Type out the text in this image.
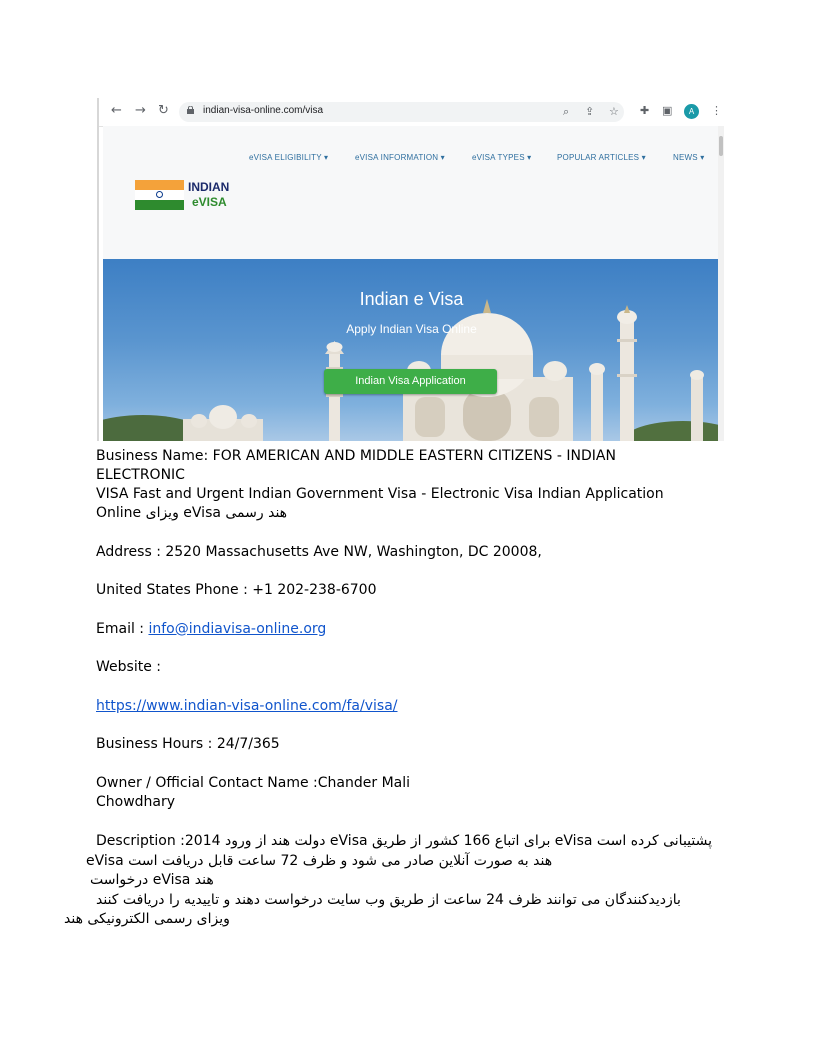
← → ↻	indian-visa-online.com/visa	⌕ ⇪ ☆ ✚ ▣	A	⋮
eVISA ELIGIBILITY ▾	eVISA INFORMATION ▾	eVISA TYPES ▾	POPULAR ARTICLES ▾	NEWS ▾
INDIAN
eVISA
Indian e Visa
Apply Indian Visa Online
Indian Visa Application

Business Name: FOR AMERICAN AND MIDDLE EASTERN CITIZENS - INDIAN

ELECTRONIC

VISA Fast and Urgent Indian Government Visa - Electronic Visa Indian Application

Online ویزای eVisa هند رسمی

Address : 2520 Massachusetts Ave NW, Washington, DC 20008,

United States Phone : +1 202-238-6700

Email : info@indiavisa-online.org

Website :

https://www.indian-visa-online.com/fa/visa/

Business Hours : 24/7/365

Owner / Official Contact Name :Chander Mali

Chowdhary

Description :2014 دولت هند از ورود eVisa برای اتباع 166 کشور از طریق eVisa پشتیبانی کرده است
eVisa هند به صورت آنلاین صادر می شود و ظرف 72 ساعت قابل دریافت است
درخواست eVisa هند
بازدیدکنندگان می توانند ظرف 24 ساعت از طریق وب سایت درخواست دهند و تاییدیه را دریافت کنند
ویزای رسمی الکترونیکی هند
